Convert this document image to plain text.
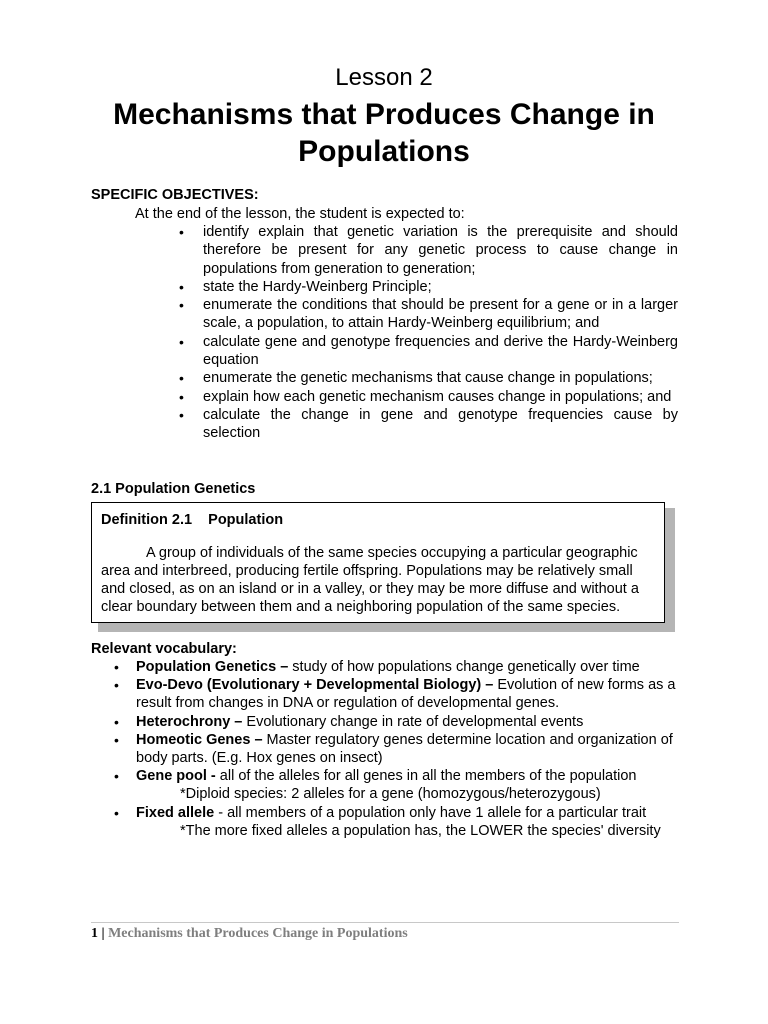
Lesson 2
Mechanisms that Produces Change in Populations
SPECIFIC OBJECTIVES:
At the end of the lesson, the student is expected to:
•	identify explain that genetic variation is the prerequisite and should therefore be present for any genetic process to cause change in populations from generation to generation;
•	state the Hardy-Weinberg Principle;
•	enumerate the conditions that should be present for a gene or in a larger scale, a population, to attain Hardy-Weinberg equilibrium; and
•	calculate gene and genotype frequencies and derive the Hardy-Weinberg equation
•	enumerate the genetic mechanisms that cause change in populations;
•	explain how each genetic mechanism causes change in populations; and
•	calculate the change in gene and genotype frequencies cause by selection
2.1 Population Genetics
Definition 2.1    Population
A group of individuals of the same species occupying a particular geographic area and interbreed, producing fertile offspring. Populations may be relatively small and closed, as on an island or in a valley, or they may be more diffuse and without a clear boundary between them and a neighboring population of the same species.
Relevant vocabulary:
•	Population Genetics – study of how populations change genetically over time
•	Evo-Devo (Evolutionary + Developmental Biology) – Evolution of new forms as a result from changes in DNA or regulation of developmental genes.
•	Heterochrony – Evolutionary change in rate of developmental events
•	Homeotic Genes – Master regulatory genes determine location and organization of body parts. (E.g. Hox genes on insect)
•	Gene pool - all of the alleles for all genes in all the members of the population
*Diploid species: 2 alleles for a gene (homozygous/heterozygous)
•	Fixed allele - all members of a population only have 1 allele for a particular trait
*The more fixed alleles a population has, the LOWER the species' diversity
1 | Mechanisms that Produces Change in Populations
